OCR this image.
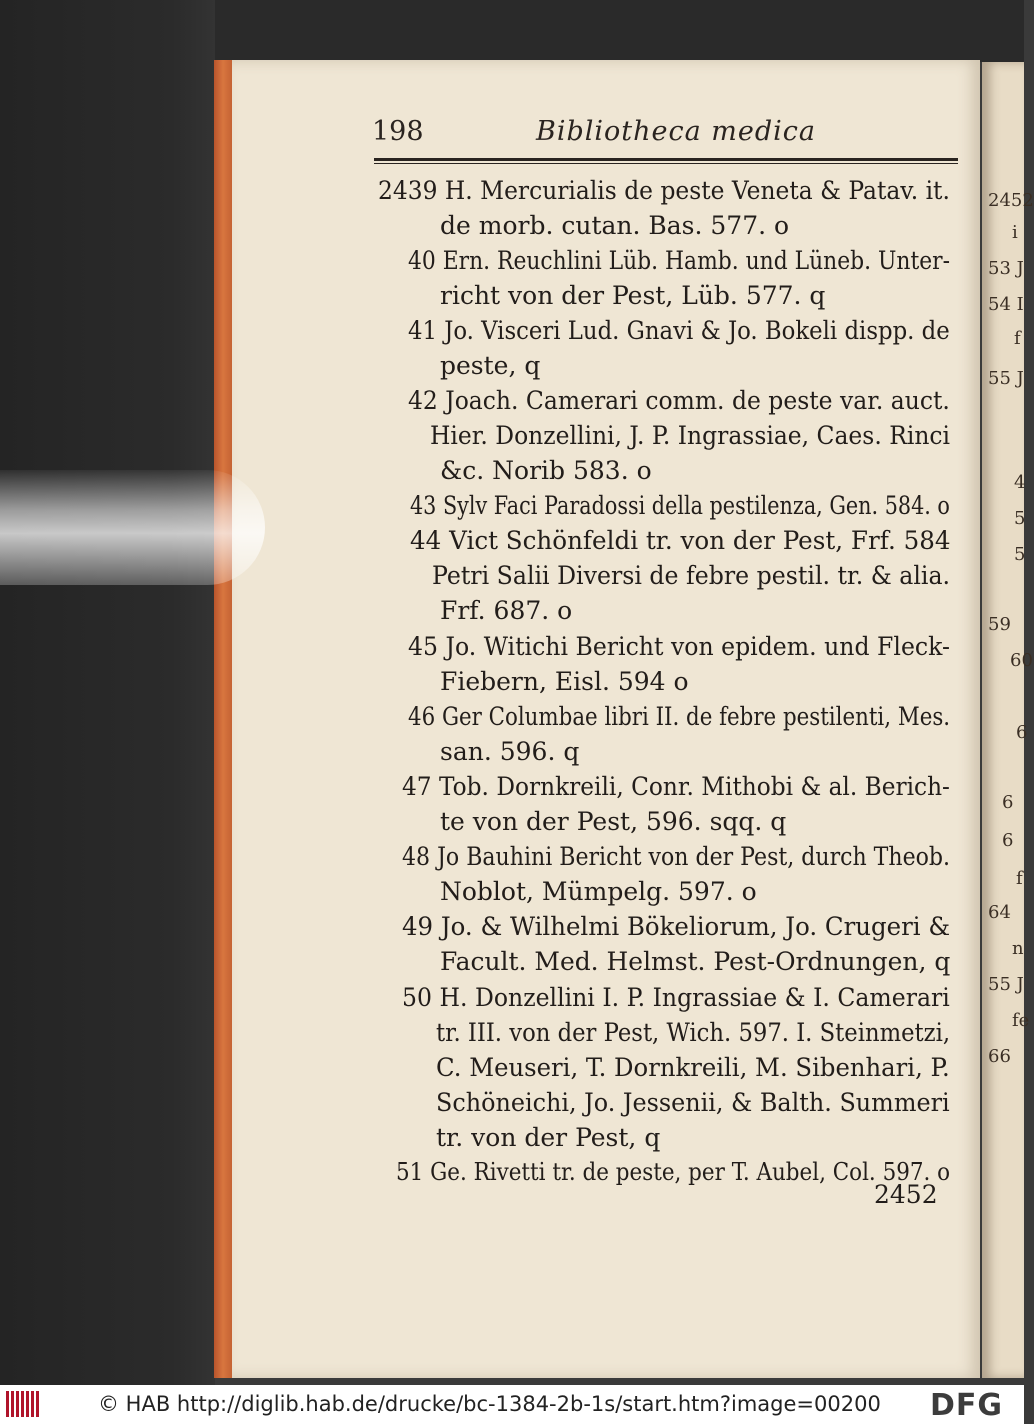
2452
i
53 J
54 I
f
55 J
4
5
5
59
60
6
6
6
f
64
n
55 J
fe
66
198	Bibliotheca medica
2439 H. Mercurialis de peste Veneta & Patav. it.
de morb. cutan. Bas. 577. o
40 Ern. Reuchlini Lüb. Hamb. und Lüneb. Unter-
richt von der Pest, Lüb. 577. q
41 Jo. Visceri Lud. Gnavi & Jo. Bokeli dispp. de
peste, q
42 Joach. Camerari comm. de peste var. auct.
Hier. Donzellini, J. P. Ingrassiae, Caes. Rinci
&c. Norib 583. o
43 Sylv Faci Paradossi della pestilenza, Gen. 584. o
44 Vict Schönfeldi tr. von der Pest, Frf. 584
Petri Salii Diversi de febre pestil. tr. & alia.
Frf. 687. o
45 Jo. Witichi Bericht von epidem. und Fleck-
Fiebern, Eisl. 594 o
46 Ger Columbae libri II. de febre pestilenti, Mes.
san. 596. q
47 Tob. Dornkreili, Conr. Mithobi & al. Berich-
te von der Pest, 596. sqq. q
48 Jo Bauhini Bericht von der Pest, durch Theob.
Noblot, Mümpelg. 597. o
49 Jo. & Wilhelmi Bökeliorum, Jo. Crugeri &
Facult. Med. Helmst. Pest-Ordnungen, q
50 H. Donzellini I. P. Ingrassiae & I. Camerari
tr. III. von der Pest, Wich. 597. I. Steinmetzi,
C. Meuseri, T. Dornkreili, M. Sibenhari, P.
Schöneichi, Jo. Jessenii, & Balth. Summeri
tr. von der Pest, q
51 Ge. Rivetti tr. de peste, per T. Aubel, Col. 597. o
2452
© HAB http://diglib.hab.de/drucke/bc-1384-2b-1s/start.htm?image=00200 DFG
